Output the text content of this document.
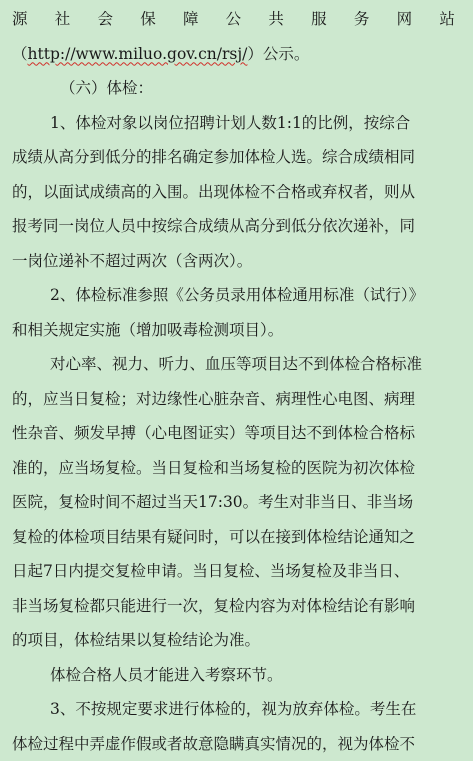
源 社 会 保 障 公 共 服 务 网 站
（http://www.miluo.gov.cn/rsj/）公示。
（六）体检：
1、体检对象以岗位招聘计划人数1:1的比例，按综合
成绩从高分到低分的排名确定参加体检人选。综合成绩相同
的，以面试成绩高的入围。出现体检不合格或弃权者，则从
报考同一岗位人员中按综合成绩从高分到低分依次递补，同
一岗位递补不超过两次（含两次）。
2、体检标准参照《公务员录用体检通用标准（试行）》
和相关规定实施（增加吸毒检测项目）。
对心率、视力、听力、血压等项目达不到体检合格标准
的，应当日复检；对边缘性心脏杂音、病理性心电图、病理
性杂音、频发早搏（心电图证实）等项目达不到体检合格标
准的，应当场复检。当日复检和当场复检的医院为初次体检
医院，复检时间不超过当天17:30。考生对非当日、非当场
复检的体检项目结果有疑问时，可以在接到体检结论通知之
日起7日内提交复检申请。当日复检、当场复检及非当日、
非当场复检都只能进行一次，复检内容为对体检结论有影响
的项目，体检结果以复检结论为准。
体检合格人员才能进入考察环节。
3、不按规定要求进行体检的，视为放弃体检。考生在
体检过程中弄虚作假或者故意隐瞒真实情况的，视为体检不
